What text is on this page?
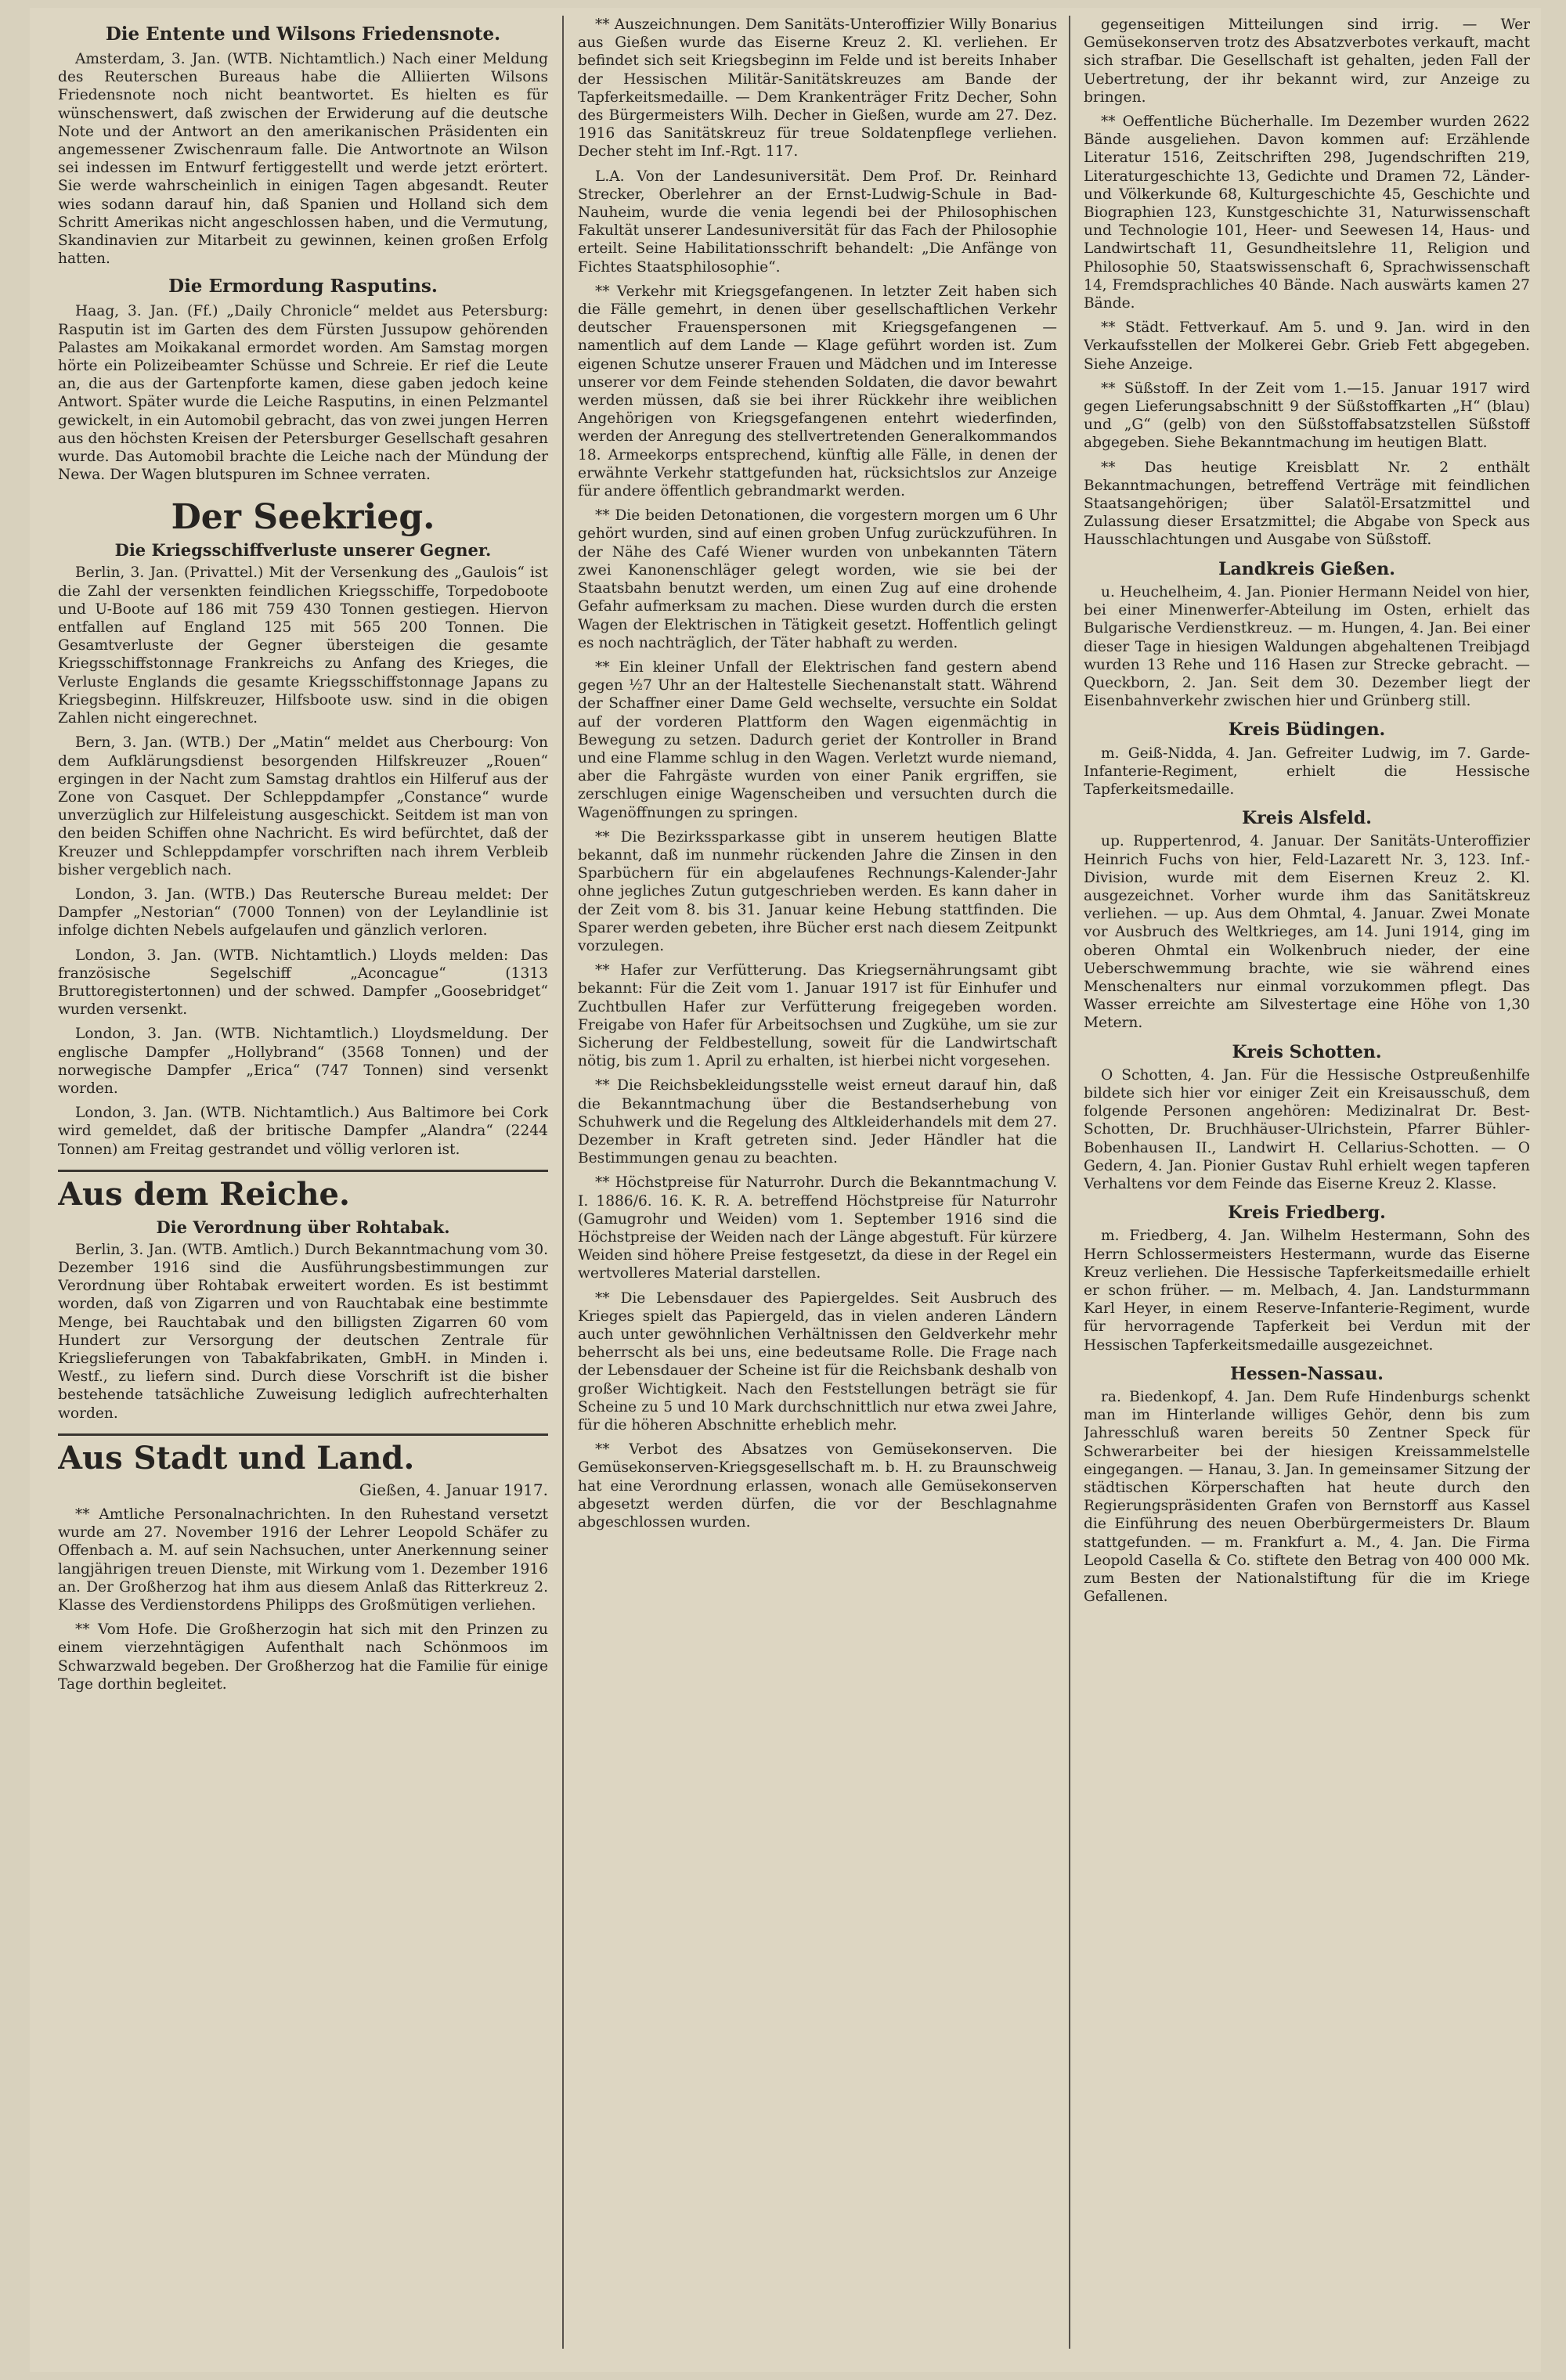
Die Entente und Wilsons Friedensnote.

Amsterdam, 3. Jan. (WTB. Nichtamtlich.) Nach einer Meldung des Reuterschen Bureaus habe die Alliierten Wilsons Friedensnote noch nicht beantwortet. Es hielten es für wünschenswert, daß zwischen der Erwiderung auf die deutsche Note und der Antwort an den amerikanischen Präsidenten ein angemessener Zwischenraum falle. Die Antwortnote an Wilson sei indessen im Entwurf fertiggestellt und werde jetzt erörtert. Sie werde wahrscheinlich in einigen Tagen abgesandt. Reuter wies sodann darauf hin, daß Spanien und Holland sich dem Schritt Amerikas nicht angeschlossen haben, und die Vermutung, Skandinavien zur Mitarbeit zu gewinnen, keinen großen Erfolg hatten.

Die Ermordung Rasputins.

Haag, 3. Jan. (Ff.) „Daily Chronicle“ meldet aus Petersburg: Rasputin ist im Garten des dem Fürsten Jussupow gehörenden Palastes am Moikakanal ermordet worden. Am Samstag morgen hörte ein Polizeibeamter Schüsse und Schreie. Er rief die Leute an, die aus der Gartenpforte kamen, diese gaben jedoch keine Antwort. Später wurde die Leiche Rasputins, in einen Pelzmantel gewickelt, in ein Automobil gebracht, das von zwei jungen Herren aus den höchsten Kreisen der Petersburger Gesellschaft gesahren wurde. Das Automobil brachte die Leiche nach der Mündung der Newa. Der Wagen blutspuren im Schnee verraten.

Der Seekrieg.
Die Kriegsschiffverluste unserer Gegner.

Berlin, 3. Jan. (Privattel.) Mit der Versenkung des „Gaulois“ ist die Zahl der versenkten feindlichen Kriegsschiffe, Torpedoboote und U-Boote auf 186 mit 759 430 Tonnen gestiegen. Hiervon entfallen auf England 125 mit 565 200 Tonnen. Die Gesamtverluste der Gegner übersteigen die gesamte Kriegsschiffstonnage Frankreichs zu Anfang des Krieges, die Verluste Englands die gesamte Kriegsschiffstonnage Japans zu Kriegsbeginn. Hilfskreuzer, Hilfsboote usw. sind in die obigen Zahlen nicht eingerechnet.

Bern, 3. Jan. (WTB.) Der „Matin“ meldet aus Cherbourg: Von dem Aufklärungsdienst besorgenden Hilfskreuzer „Rouen“ ergingen in der Nacht zum Samstag drahtlos ein Hilferuf aus der Zone von Casquet. Der Schleppdampfer „Constance“ wurde unverzüglich zur Hilfeleistung ausgeschickt. Seitdem ist man von den beiden Schiffen ohne Nachricht. Es wird befürchtet, daß der Kreuzer und Schleppdampfer vorschriften nach ihrem Verbleib bisher vergeblich nach.

London, 3. Jan. (WTB.) Das Reutersche Bureau meldet: Der Dampfer „Nestorian“ (7000 Tonnen) von der Leylandlinie ist infolge dichten Nebels aufgelaufen und gänzlich verloren.

London, 3. Jan. (WTB. Nichtamtlich.) Lloyds melden: Das französische Segelschiff „Aconcague“ (1313 Bruttoregistertonnen) und der schwed. Dampfer „Goosebridget“ wurden versenkt.

London, 3. Jan. (WTB. Nichtamtlich.) Lloydsmeldung. Der englische Dampfer „Hollybrand“ (3568 Tonnen) und der norwegische Dampfer „Erica“ (747 Tonnen) sind versenkt worden.

London, 3. Jan. (WTB. Nichtamtlich.) Aus Baltimore bei Cork wird gemeldet, daß der britische Dampfer „Alandra“ (2244 Tonnen) am Freitag gestrandet und völlig verloren ist.

Aus dem Reiche.
Die Verordnung über Rohtabak.

Berlin, 3. Jan. (WTB. Amtlich.) Durch Bekanntmachung vom 30. Dezember 1916 sind die Ausführungsbestimmungen zur Verordnung über Rohtabak erweitert worden. Es ist bestimmt worden, daß von Zigarren und von Rauchtabak eine bestimmte Menge, bei Rauchtabak und den billigsten Zigarren 60 vom Hundert zur Versorgung der deutschen Zentrale für Kriegslieferungen von Tabakfabrikaten, GmbH. in Minden i. Westf., zu liefern sind. Durch diese Vorschrift ist die bisher bestehende tatsächliche Zuweisung lediglich aufrechterhalten worden.

Aus Stadt und Land.
Gießen, 4. Januar 1917.

** Amtliche Personalnachrichten. In den Ruhestand versetzt wurde am 27. November 1916 der Lehrer Leopold Schäfer zu Offenbach a. M. auf sein Nachsuchen, unter Anerkennung seiner langjährigen treuen Dienste, mit Wirkung vom 1. Dezember 1916 an. Der Großherzog hat ihm aus diesem Anlaß das Ritterkreuz 2. Klasse des Verdienstordens Philipps des Großmütigen verliehen.

** Vom Hofe. Die Großherzogin hat sich mit den Prinzen zu einem vierzehntägigen Aufenthalt nach Schönmoos im Schwarzwald begeben. Der Großherzog hat die Familie für einige Tage dorthin begleitet.

** Auszeichnungen. Dem Sanitäts-Unteroffizier Willy Bonarius aus Gießen wurde das Eiserne Kreuz 2. Kl. verliehen. Er befindet sich seit Kriegsbeginn im Felde und ist bereits Inhaber der Hessischen Militär-Sanitätskreuzes am Bande der Tapferkeitsmedaille. — Dem Krankenträger Fritz Decher, Sohn des Bürgermeisters Wilh. Decher in Gießen, wurde am 27. Dez. 1916 das Sanitätskreuz für treue Soldatenpflege verliehen. Decher steht im Inf.-Rgt. 117.

L.A. Von der Landesuniversität. Dem Prof. Dr. Reinhard Strecker, Oberlehrer an der Ernst-Ludwig-Schule in Bad-Nauheim, wurde die venia legendi bei der Philosophischen Fakultät unserer Landesuniversität für das Fach der Philosophie erteilt. Seine Habilitationsschrift behandelt: „Die Anfänge von Fichtes Staatsphilosophie“.

** Verkehr mit Kriegsgefangenen. In letzter Zeit haben sich die Fälle gemehrt, in denen über gesellschaftlichen Verkehr deutscher Frauenspersonen mit Kriegsgefangenen — namentlich auf dem Lande — Klage geführt worden ist. Zum eigenen Schutze unserer Frauen und Mädchen und im Interesse unserer vor dem Feinde stehenden Soldaten, die davor bewahrt werden müssen, daß sie bei ihrer Rückkehr ihre weiblichen Angehörigen von Kriegsgefangenen entehrt wiederfinden, werden der Anregung des stellvertretenden Generalkommandos 18. Armeekorps entsprechend, künftig alle Fälle, in denen der erwähnte Verkehr stattgefunden hat, rücksichtslos zur Anzeige für andere öffentlich gebrandmarkt werden.

** Die beiden Detonationen, die vorgestern morgen um 6 Uhr gehört wurden, sind auf einen groben Unfug zurückzuführen. In der Nähe des Café Wiener wurden von unbekannten Tätern zwei Kanonenschläger gelegt worden, wie sie bei der Staatsbahn benutzt werden, um einen Zug auf eine drohende Gefahr aufmerksam zu machen. Diese wurden durch die ersten Wagen der Elektrischen in Tätigkeit gesetzt. Hoffentlich gelingt es noch nachträglich, der Täter habhaft zu werden.

** Ein kleiner Unfall der Elektrischen fand gestern abend gegen ½7 Uhr an der Haltestelle Siechenanstalt statt. Während der Schaffner einer Dame Geld wechselte, versuchte ein Soldat auf der vorderen Plattform den Wagen eigenmächtig in Bewegung zu setzen. Dadurch geriet der Kontroller in Brand und eine Flamme schlug in den Wagen. Verletzt wurde niemand, aber die Fahrgäste wurden von einer Panik ergriffen, sie zerschlugen einige Wagenscheiben und versuchten durch die Wagenöffnungen zu springen.

** Die Bezirkssparkasse gibt in unserem heutigen Blatte bekannt, daß im nunmehr rückenden Jahre die Zinsen in den Sparbüchern für ein abgelaufenes Rechnungs-Kalender-Jahr ohne jegliches Zutun gutgeschrieben werden. Es kann daher in der Zeit vom 8. bis 31. Januar keine Hebung stattfinden. Die Sparer werden gebeten, ihre Bücher erst nach diesem Zeitpunkt vorzulegen.

** Hafer zur Verfütterung. Das Kriegsernährungsamt gibt bekannt: Für die Zeit vom 1. Januar 1917 ist für Einhufer und Zuchtbullen Hafer zur Verfütterung freigegeben worden. Freigabe von Hafer für Arbeitsochsen und Zugkühe, um sie zur Sicherung der Feldbestellung, soweit für die Landwirtschaft nötig, bis zum 1. April zu erhalten, ist hierbei nicht vorgesehen.

** Die Reichsbekleidungsstelle weist erneut darauf hin, daß die Bekanntmachung über die Bestandserhebung von Schuhwerk und die Regelung des Altkleiderhandels mit dem 27. Dezember in Kraft getreten sind. Jeder Händler hat die Bestimmungen genau zu beachten.

** Höchstpreise für Naturrohr. Durch die Bekanntmachung V. I. 1886/6. 16. K. R. A. betreffend Höchstpreise für Naturrohr (Gamugrohr und Weiden) vom 1. September 1916 sind die Höchstpreise der Weiden nach der Länge abgestuft. Für kürzere Weiden sind höhere Preise festgesetzt, da diese in der Regel ein wertvolleres Material darstellen.

** Die Lebensdauer des Papiergeldes. Seit Ausbruch des Krieges spielt das Papiergeld, das in vielen anderen Ländern auch unter gewöhnlichen Verhältnissen den Geldverkehr mehr beherrscht als bei uns, eine bedeutsame Rolle. Die Frage nach der Lebensdauer der Scheine ist für die Reichsbank deshalb von großer Wichtigkeit. Nach den Feststellungen beträgt sie für Scheine zu 5 und 10 Mark durchschnittlich nur etwa zwei Jahre, für die höheren Abschnitte erheblich mehr.

** Verbot des Absatzes von Gemüsekonserven. Die Gemüsekonserven-Kriegsgesellschaft m. b. H. zu Braunschweig hat eine Verordnung erlassen, wonach alle Gemüsekonserven abgesetzt werden dürfen, die vor der Beschlagnahme abgeschlossen wurden.

gegenseitigen Mitteilungen sind irrig. — Wer Gemüsekonserven trotz des Absatzverbotes verkauft, macht sich strafbar. Die Gesellschaft ist gehalten, jeden Fall der Uebertretung, der ihr bekannt wird, zur Anzeige zu bringen.

** Oeffentliche Bücherhalle. Im Dezember wurden 2622 Bände ausgeliehen. Davon kommen auf: Erzählende Literatur 1516, Zeitschriften 298, Jugendschriften 219, Literaturgeschichte 13, Gedichte und Dramen 72, Länder- und Völkerkunde 68, Kulturgeschichte 45, Geschichte und Biographien 123, Kunstgeschichte 31, Naturwissenschaft und Technologie 101, Heer- und Seewesen 14, Haus- und Landwirtschaft 11, Gesundheitslehre 11, Religion und Philosophie 50, Staatswissenschaft 6, Sprachwissenschaft 14, Fremdsprachliches 40 Bände. Nach auswärts kamen 27 Bände.

** Städt. Fettverkauf. Am 5. und 9. Jan. wird in den Verkaufsstellen der Molkerei Gebr. Grieb Fett abgegeben. Siehe Anzeige.

** Süßstoff. In der Zeit vom 1.—15. Januar 1917 wird gegen Lieferungsabschnitt 9 der Süßstoffkarten „H“ (blau) und „G“ (gelb) von den Süßstoffabsatzstellen Süßstoff abgegeben. Siehe Bekanntmachung im heutigen Blatt.

** Das heutige Kreisblatt Nr. 2 enthält Bekanntmachungen, betreffend Verträge mit feindlichen Staatsangehörigen; über Salatöl-Ersatzmittel und Zulassung dieser Ersatzmittel; die Abgabe von Speck aus Hausschlachtungen und Ausgabe von Süßstoff.

Landkreis Gießen.

u. Heuchelheim, 4. Jan. Pionier Hermann Neidel von hier, bei einer Minenwerfer-Abteilung im Osten, erhielt das Bulgarische Verdienstkreuz. — m. Hungen, 4. Jan. Bei einer dieser Tage in hiesigen Waldungen abgehaltenen Treibjagd wurden 13 Rehe und 116 Hasen zur Strecke gebracht. — Queckborn, 2. Jan. Seit dem 30. Dezember liegt der Eisenbahnverkehr zwischen hier und Grünberg still.

Kreis Büdingen.

m. Geiß-Nidda, 4. Jan. Gefreiter Ludwig, im 7. Garde-Infanterie-Regiment, erhielt die Hessische Tapferkeitsmedaille.

Kreis Alsfeld.

up. Ruppertenrod, 4. Januar. Der Sanitäts-Unteroffizier Heinrich Fuchs von hier, Feld-Lazarett Nr. 3, 123. Inf.-Division, wurde mit dem Eisernen Kreuz 2. Kl. ausgezeichnet. Vorher wurde ihm das Sanitätskreuz verliehen. — up. Aus dem Ohmtal, 4. Januar. Zwei Monate vor Ausbruch des Weltkrieges, am 14. Juni 1914, ging im oberen Ohmtal ein Wolkenbruch nieder, der eine Ueberschwemmung brachte, wie sie während eines Menschenalters nur einmal vorzukommen pflegt. Das Wasser erreichte am Silvestertage eine Höhe von 1,30 Metern.

Kreis Schotten.

O Schotten, 4. Jan. Für die Hessische Ostpreußenhilfe bildete sich hier vor einiger Zeit ein Kreisausschuß, dem folgende Personen angehören: Medizinalrat Dr. Best-Schotten, Dr. Bruchhäuser-Ulrichstein, Pfarrer Bühler-Bobenhausen II., Landwirt H. Cellarius-Schotten. — O Gedern, 4. Jan. Pionier Gustav Ruhl erhielt wegen tapferen Verhaltens vor dem Feinde das Eiserne Kreuz 2. Klasse.

Kreis Friedberg.

m. Friedberg, 4. Jan. Wilhelm Hestermann, Sohn des Herrn Schlossermeisters Hestermann, wurde das Eiserne Kreuz verliehen. Die Hessische Tapferkeitsmedaille erhielt er schon früher. — m. Melbach, 4. Jan. Landsturmmann Karl Heyer, in einem Reserve-Infanterie-Regiment, wurde für hervorragende Tapferkeit bei Verdun mit der Hessischen Tapferkeitsmedaille ausgezeichnet.

Hessen-Nassau.

ra. Biedenkopf, 4. Jan. Dem Rufe Hindenburgs schenkt man im Hinterlande williges Gehör, denn bis zum Jahresschluß waren bereits 50 Zentner Speck für Schwerarbeiter bei der hiesigen Kreissammelstelle eingegangen. — Hanau, 3. Jan. In gemeinsamer Sitzung der städtischen Körperschaften hat heute durch den Regierungspräsidenten Grafen von Bernstorff aus Kassel die Einführung des neuen Oberbürgermeisters Dr. Blaum stattgefunden. — m. Frankfurt a. M., 4. Jan. Die Firma Leopold Casella & Co. stiftete den Betrag von 400 000 Mk. zum Besten der Nationalstiftung für die im Kriege Gefallenen.
